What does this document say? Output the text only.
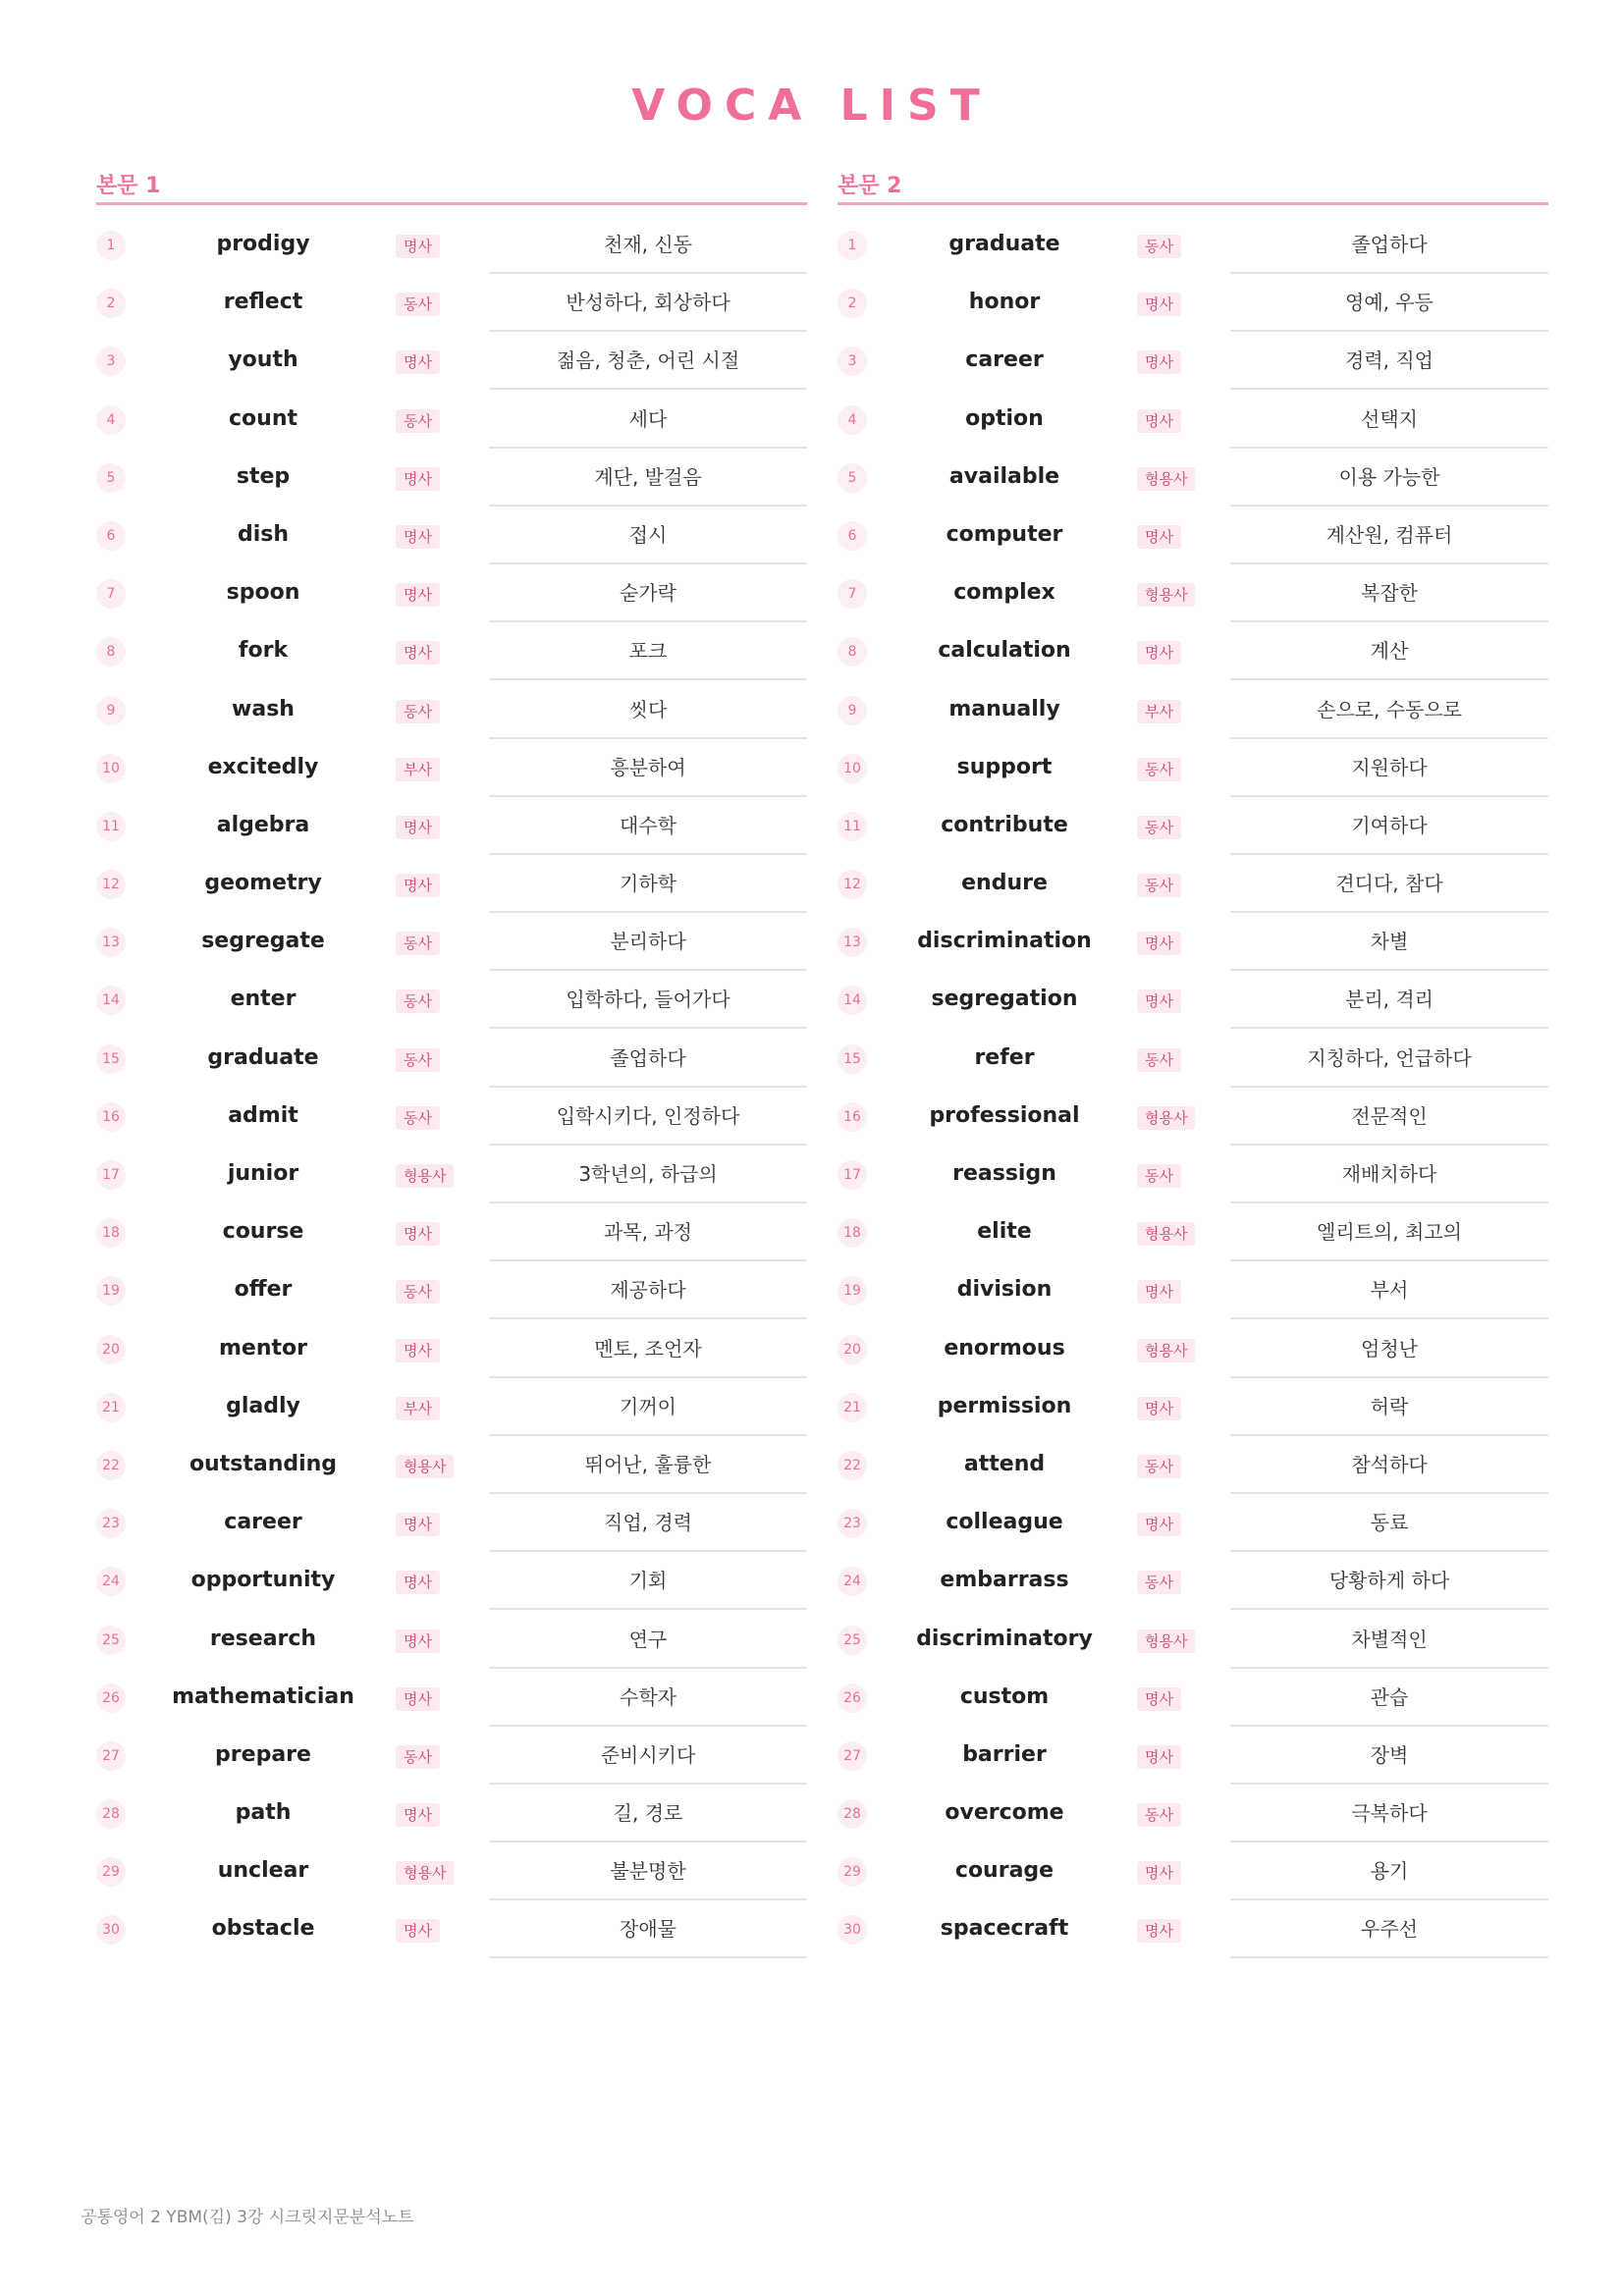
VOCA LIST
본문 1
1	prodigy	명사	천재, 신동
2	reflect	동사	반성하다, 회상하다
3	youth	명사	젊음, 청춘, 어린 시절
4	count	동사	세다
5	step	명사	계단, 발걸음
6	dish	명사	접시
7	spoon	명사	숟가락
8	fork	명사	포크
9	wash	동사	씻다
10	excitedly	부사	흥분하여
11	algebra	명사	대수학
12	geometry	명사	기하학
13	segregate	동사	분리하다
14	enter	동사	입학하다, 들어가다
15	graduate	동사	졸업하다
16	admit	동사	입학시키다, 인정하다
17	junior	형용사	3학년의, 하급의
18	course	명사	과목, 과정
19	offer	동사	제공하다
20	mentor	명사	멘토, 조언자
21	gladly	부사	기꺼이
22	outstanding	형용사	뛰어난, 훌륭한
23	career	명사	직업, 경력
24	opportunity	명사	기회
25	research	명사	연구
26	mathematician	명사	수학자
27	prepare	동사	준비시키다
28	path	명사	길, 경로
29	unclear	형용사	불분명한
30	obstacle	명사	장애물
본문 2
1	graduate	동사	졸업하다
2	honor	명사	영예, 우등
3	career	명사	경력, 직업
4	option	명사	선택지
5	available	형용사	이용 가능한
6	computer	명사	계산원, 컴퓨터
7	complex	형용사	복잡한
8	calculation	명사	계산
9	manually	부사	손으로, 수동으로
10	support	동사	지원하다
11	contribute	동사	기여하다
12	endure	동사	견디다, 참다
13	discrimination	명사	차별
14	segregation	명사	분리, 격리
15	refer	동사	지칭하다, 언급하다
16	professional	형용사	전문적인
17	reassign	동사	재배치하다
18	elite	형용사	엘리트의, 최고의
19	division	명사	부서
20	enormous	형용사	엄청난
21	permission	명사	허락
22	attend	동사	참석하다
23	colleague	명사	동료
24	embarrass	동사	당황하게 하다
25	discriminatory	형용사	차별적인
26	custom	명사	관습
27	barrier	명사	장벽
28	overcome	동사	극복하다
29	courage	명사	용기
30	spacecraft	명사	우주선
공통영어 2 YBM(김) 3강 시크릿지문분석노트
